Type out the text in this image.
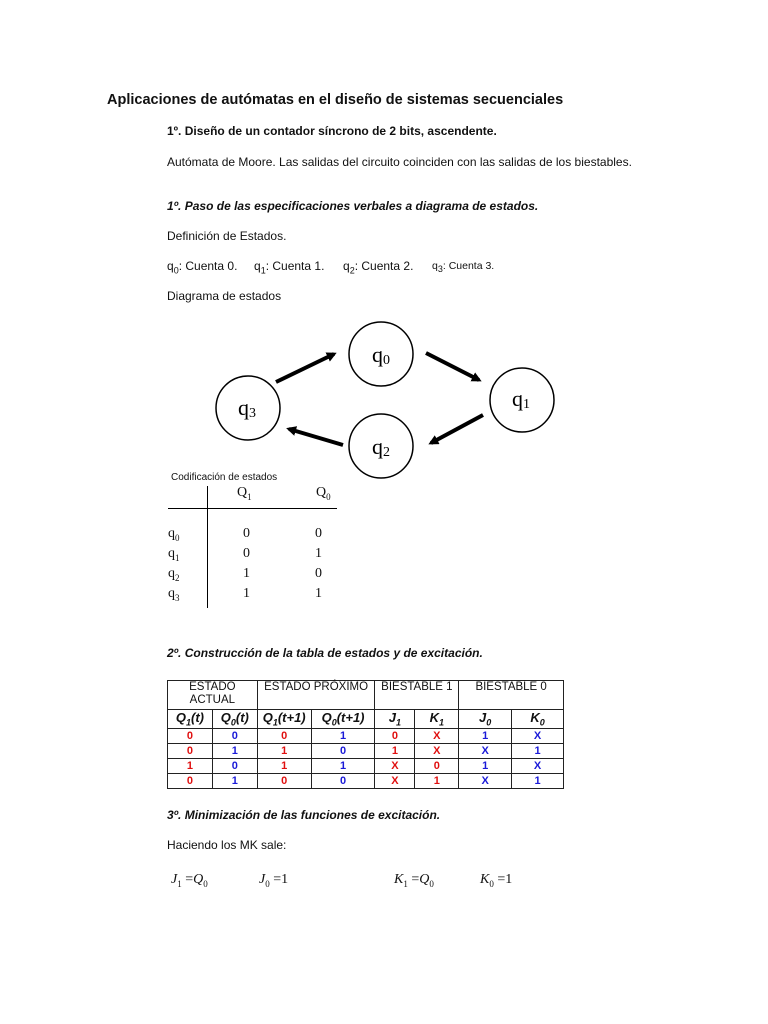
Aplicaciones de autómatas en el diseño de sistemas secuenciales
1º. Diseño de un contador síncrono de 2 bits, ascendente.
Autómata de Moore. Las salidas del circuito coinciden con las salidas de los biestables.
1º. Paso de las especificaciones verbales a diagrama de estados.
Definición de Estados.
$q_0$: Cuenta 0. $q_1$: Cuenta 1. $q_2$: Cuenta 2. $q_3$: Cuenta 3.
Diagrama de estados
q0
q1
q2
q3
Codificación de estados
$Q_1$	$Q_0$
$q_0$	0	0
$q_1$	0	1
$q_2$	1	0
$q_3$	1	1
2º. Construcción de la tabla de estados y de excitación.
ESTADO
ACTUAL		ESTADO PRÓXIMO		BIESTABLE 1		BIESTABLE 0	

$Q_1(t)$	$Q_0(t)$	$Q_1(t+1)$	$Q_0(t+1)$	$J_1$	$K_1$	$J_0$	$K_0$
0	0	0	1	0	X	1	X
0	1	1	0	1	X	X	1
1	0	1	1	X	0	1	X
0	1	0	0	X	1	X	1
3º. Minimización de las funciones de excitación.
Haciendo los MK sale:
$J_1 =Q_0$	$J_0 =1$	$K_1 =Q_0$	$K_0 =1$
